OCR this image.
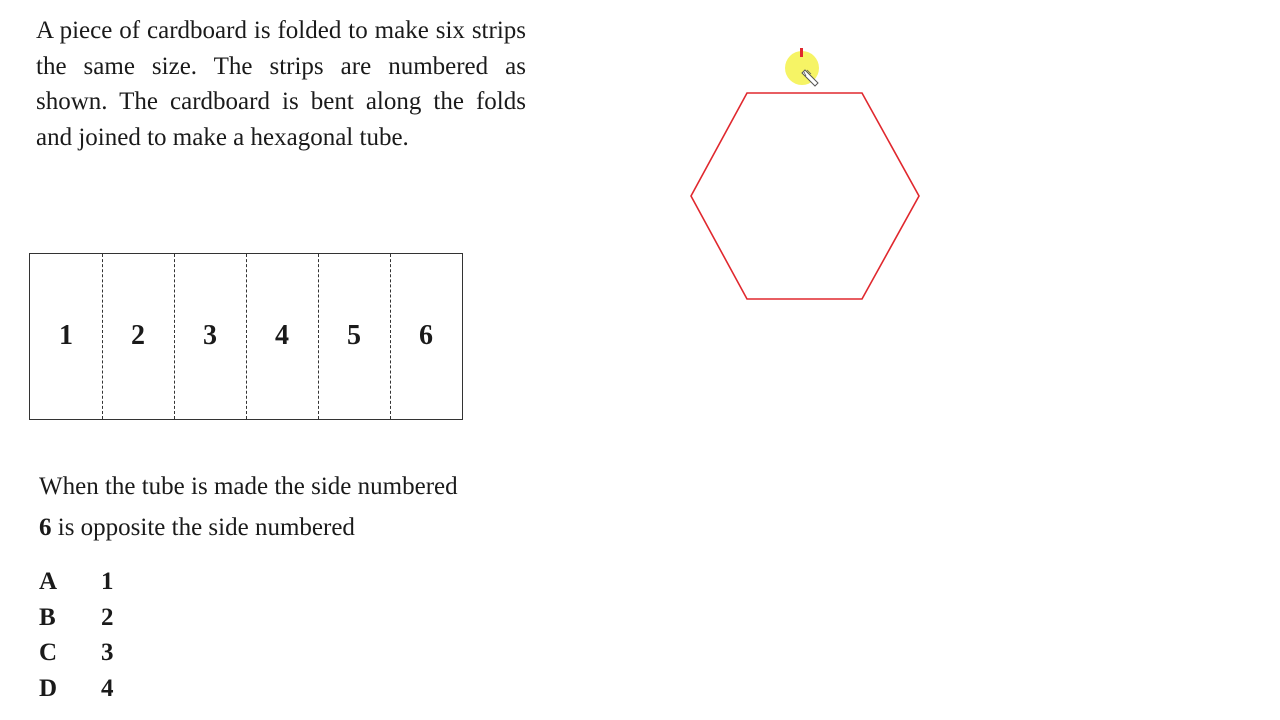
A piece of cardboard is folded to make six strips the same size. The strips are numbered as shown. The cardboard is bent along the folds and joined to make a hexagonal tube.

1	2	3	4	5	6

When the tube is made the side numbered
6 is opposite the side numbered

A 1
B 2
C 3
D 4
